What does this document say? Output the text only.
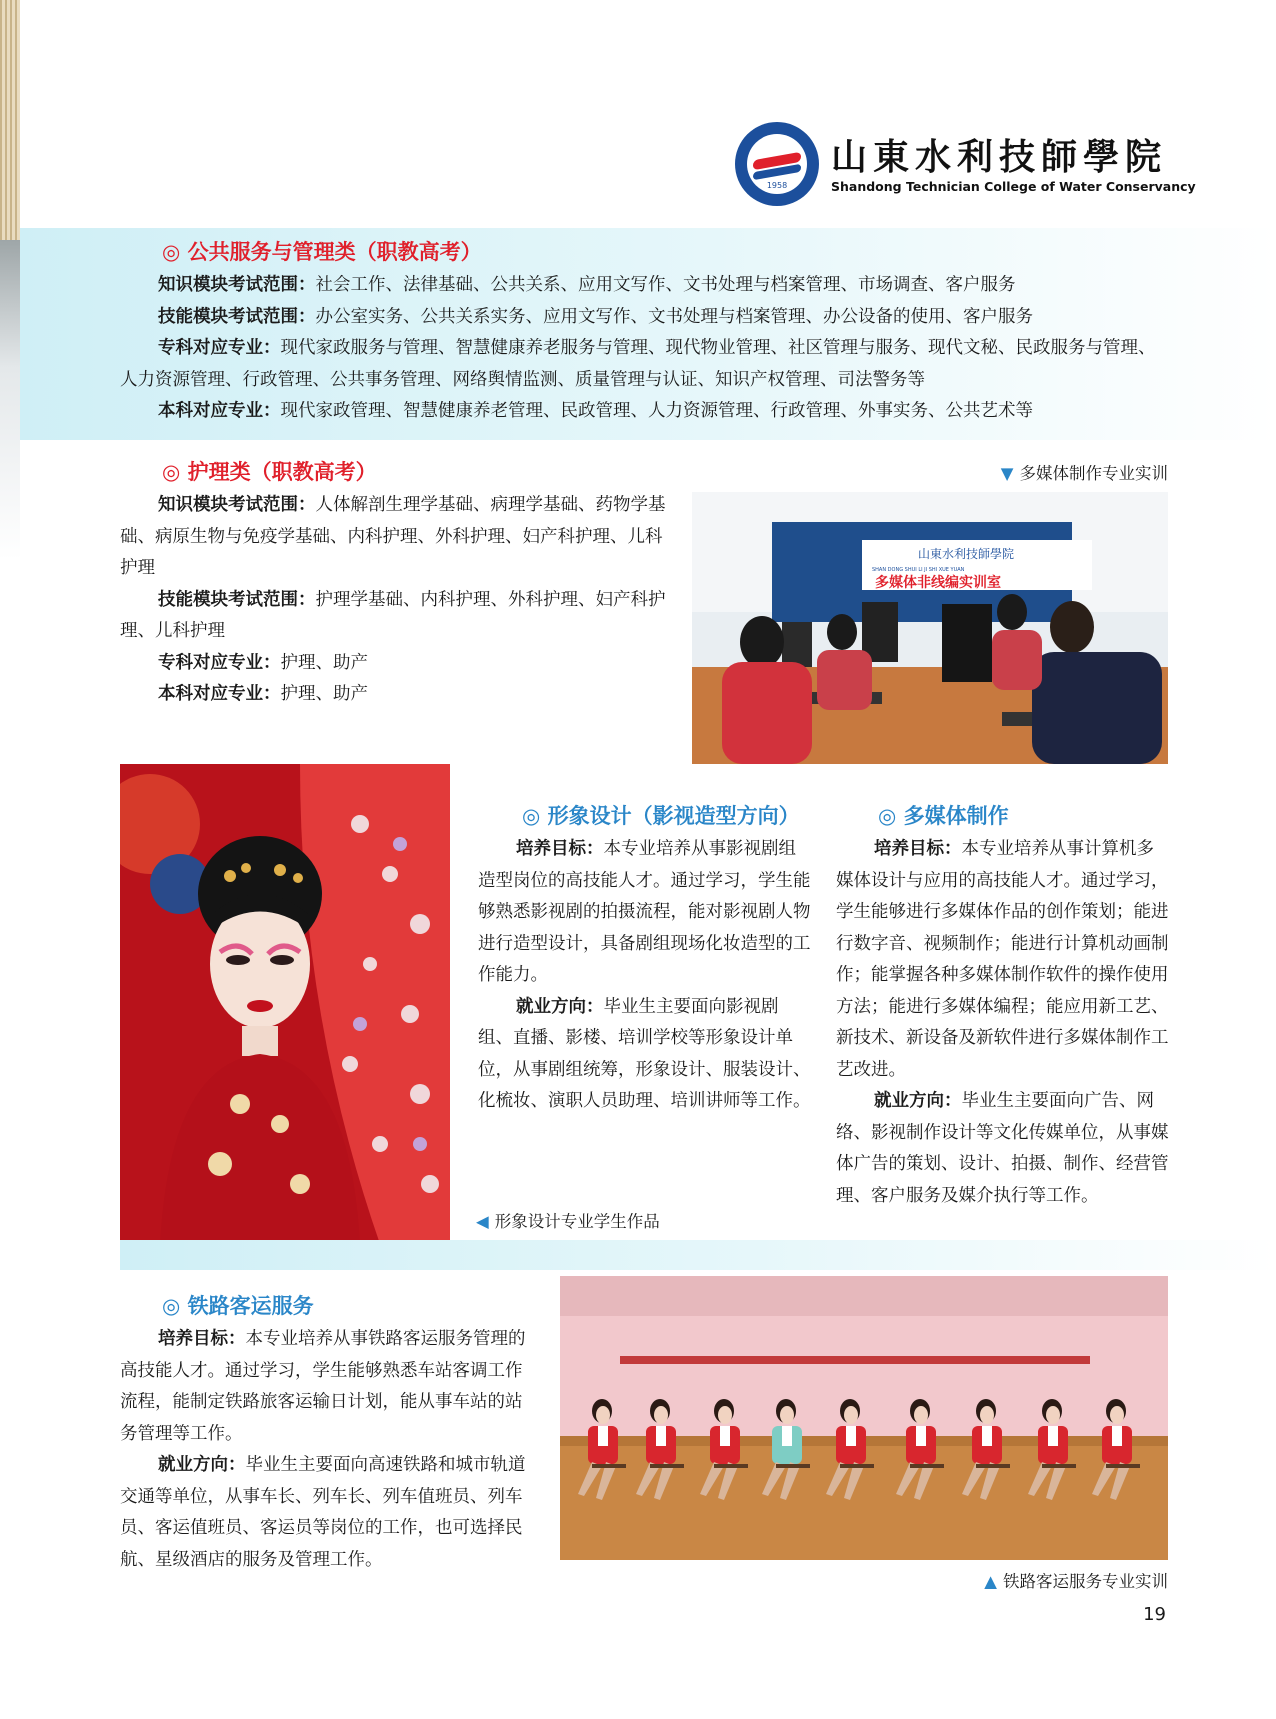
1958
山東水利技師學院
Shandong Technician College of Water Conservancy
◎ 公共服务与管理类（职教高考）
知识模块考试范围：社会工作、法律基础、公共关系、应用文写作、文书处理与档案管理、市场调查、客户服务
技能模块考试范围：办公室实务、公共关系实务、应用文写作、文书处理与档案管理、办公设备的使用、客户服务
专科对应专业：现代家政服务与管理、智慧健康养老服务与管理、现代物业管理、社区管理与服务、现代文秘、民政服务与管理、人力资源管理、行政管理、公共事务管理、网络舆情监测、质量管理与认证、知识产权管理、司法警务等
本科对应专业：现代家政管理、智慧健康养老管理、民政管理、人力资源管理、行政管理、外事实务、公共艺术等
◎ 护理类（职教高考）
知识模块考试范围：人体解剖生理学基础、病理学基础、药物学基础、病原生物与免疫学基础、内科护理、外科护理、妇产科护理、儿科护理
技能模块考试范围：护理学基础、内科护理、外科护理、妇产科护理、儿科护理
专科对应专业：护理、助产
本科对应专业：护理、助产
▼ 多媒体制作专业实训
山東水利技師學院
SHAN DONG SHUI LI JI SHI XUE YUAN
多媒体非线编实训室
◎ 形象设计（影视造型方向）
培养目标：本专业培养从事影视剧组造型岗位的高技能人才。通过学习，学生能够熟悉影视剧的拍摄流程，能对影视剧人物进行造型设计，具备剧组现场化妆造型的工作能力。
就业方向：毕业生主要面向影视剧组、直播、影楼、培训学校等形象设计单位，从事剧组统筹，形象设计、服装设计、化梳妆、演职人员助理、培训讲师等工作。
◀ 形象设计专业学生作品
◎ 多媒体制作
培养目标：本专业培养从事计算机多媒体设计与应用的高技能人才。通过学习，学生能够进行多媒体作品的创作策划；能进行数字音、视频制作；能进行计算机动画制作；能掌握各种多媒体制作软件的操作使用方法；能进行多媒体编程；能应用新工艺、新技术、新设备及新软件进行多媒体制作工艺改进。
就业方向：毕业生主要面向广告、网络、影视制作设计等文化传媒单位，从事媒体广告的策划、设计、拍摄、制作、经营管理、客户服务及媒介执行等工作。
◎ 铁路客运服务
培养目标：本专业培养从事铁路客运服务管理的高技能人才。通过学习，学生能够熟悉车站客调工作流程，能制定铁路旅客运输日计划，能从事车站的站务管理等工作。
就业方向：毕业生主要面向高速铁路和城市轨道交通等单位，从事车长、列车长、列车值班员、列车员、客运值班员、客运员等岗位的工作，也可选择民航、星级酒店的服务及管理工作。
▲ 铁路客运服务专业实训
19
